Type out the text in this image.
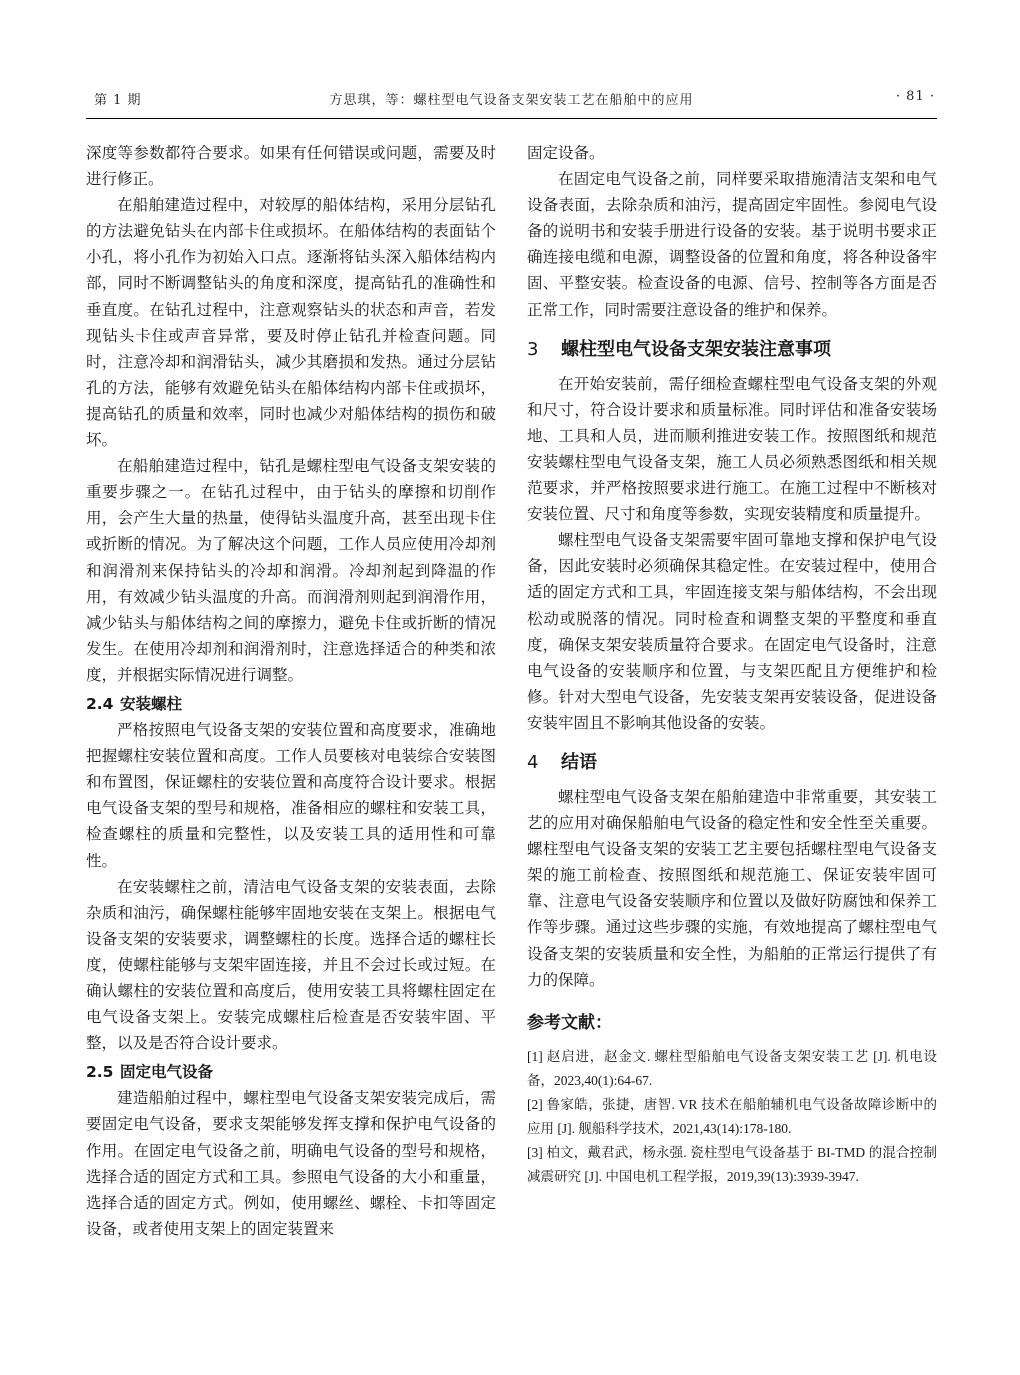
第 1 期	方思琪，等：螺柱型电气设备支架安装工艺在船舶中的应用	· 81 ·

深度等参数都符合要求。如果有任何错误或问题，需要及时进行修正。

在船舶建造过程中，对较厚的船体结构，采用分层钻孔的方法避免钻头在内部卡住或损坏。在船体结构的表面钻个小孔，将小孔作为初始入口点。逐渐将钻头深入船体结构内部，同时不断调整钻头的角度和深度，提高钻孔的准确性和垂直度。在钻孔过程中，注意观察钻头的状态和声音，若发现钻头卡住或声音异常，要及时停止钻孔并检查问题。同时，注意冷却和润滑钻头，减少其磨损和发热。通过分层钻孔的方法，能够有效避免钻头在船体结构内部卡住或损坏，提高钻孔的质量和效率，同时也减少对船体结构的损伤和破坏。

在船舶建造过程中，钻孔是螺柱型电气设备支架安装的重要步骤之一。在钻孔过程中，由于钻头的摩擦和切削作用，会产生大量的热量，使得钻头温度升高，甚至出现卡住或折断的情况。为了解决这个问题，工作人员应使用冷却剂和润滑剂来保持钻头的冷却和润滑。冷却剂起到降温的作用，有效减少钻头温度的升高。而润滑剂则起到润滑作用，减少钻头与船体结构之间的摩擦力，避免卡住或折断的情况发生。在使用冷却剂和润滑剂时，注意选择适合的种类和浓度，并根据实际情况进行调整。

2.4 安装螺柱

严格按照电气设备支架的安装位置和高度要求，准确地把握螺柱安装位置和高度。工作人员要核对电装综合安装图和布置图，保证螺柱的安装位置和高度符合设计要求。根据电气设备支架的型号和规格，准备相应的螺柱和安装工具，检查螺柱的质量和完整性，以及安装工具的适用性和可靠性。

在安装螺柱之前，清洁电气设备支架的安装表面，去除杂质和油污，确保螺柱能够牢固地安装在支架上。根据电气设备支架的安装要求，调整螺柱的长度。选择合适的螺柱长度，使螺柱能够与支架牢固连接，并且不会过长或过短。在确认螺柱的安装位置和高度后，使用安装工具将螺柱固定在电气设备支架上。安装完成螺柱后检查是否安装牢固、平整，以及是否符合设计要求。

2.5 固定电气设备

建造船舶过程中，螺柱型电气设备支架安装完成后，需要固定电气设备，要求支架能够发挥支撑和保护电气设备的作用。在固定电气设备之前，明确电气设备的型号和规格，选择合适的固定方式和工具。参照电气设备的大小和重量，选择合适的固定方式。例如，使用螺丝、螺栓、卡扣等固定设备，或者使用支架上的固定装置来

固定设备。

在固定电气设备之前，同样要采取措施清洁支架和电气设备表面，去除杂质和油污，提高固定牢固性。参阅电气设备的说明书和安装手册进行设备的安装。基于说明书要求正确连接电缆和电源，调整设备的位置和角度，将各种设备牢固、平整安装。检查设备的电源、信号、控制等各方面是否正常工作，同时需要注意设备的维护和保养。

3 螺柱型电气设备支架安装注意事项

在开始安装前，需仔细检查螺柱型电气设备支架的外观和尺寸，符合设计要求和质量标准。同时评估和准备安装场地、工具和人员，进而顺利推进安装工作。按照图纸和规范安装螺柱型电气设备支架，施工人员必须熟悉图纸和相关规范要求，并严格按照要求进行施工。在施工过程中不断核对安装位置、尺寸和角度等参数，实现安装精度和质量提升。

螺柱型电气设备支架需要牢固可靠地支撑和保护电气设备，因此安装时必须确保其稳定性。在安装过程中，使用合适的固定方式和工具，牢固连接支架与船体结构，不会出现松动或脱落的情况。同时检查和调整支架的平整度和垂直度，确保支架安装质量符合要求。在固定电气设备时，注意电气设备的安装顺序和位置，与支架匹配且方便维护和检修。针对大型电气设备，先安装支架再安装设备，促进设备安装牢固且不影响其他设备的安装。

4 结语

螺柱型电气设备支架在船舶建造中非常重要，其安装工艺的应用对确保船舶电气设备的稳定性和安全性至关重要。螺柱型电气设备支架的安装工艺主要包括螺柱型电气设备支架的施工前检查、按照图纸和规范施工、保证安装牢固可靠、注意电气设备安装顺序和位置以及做好防腐蚀和保养工作等步骤。通过这些步骤的实施，有效地提高了螺柱型电气设备支架的安装质量和安全性，为船舶的正常运行提供了有力的保障。

参考文献：

[1] 赵启进，赵金文. 螺柱型船舶电气设备支架安装工艺 [J]. 机电设备，2023,40(1):64-67.

[2] 鲁家皓，张捷，唐智. VR 技术在船舶辅机电气设备故障诊断中的应用 [J]. 舰船科学技术，2021,43(14):178-180.

[3] 柏文，戴君武，杨永强. 瓷柱型电气设备基于 BI-TMD 的混合控制减震研究 [J]. 中国电机工程学报，2019,39(13):3939-3947.
